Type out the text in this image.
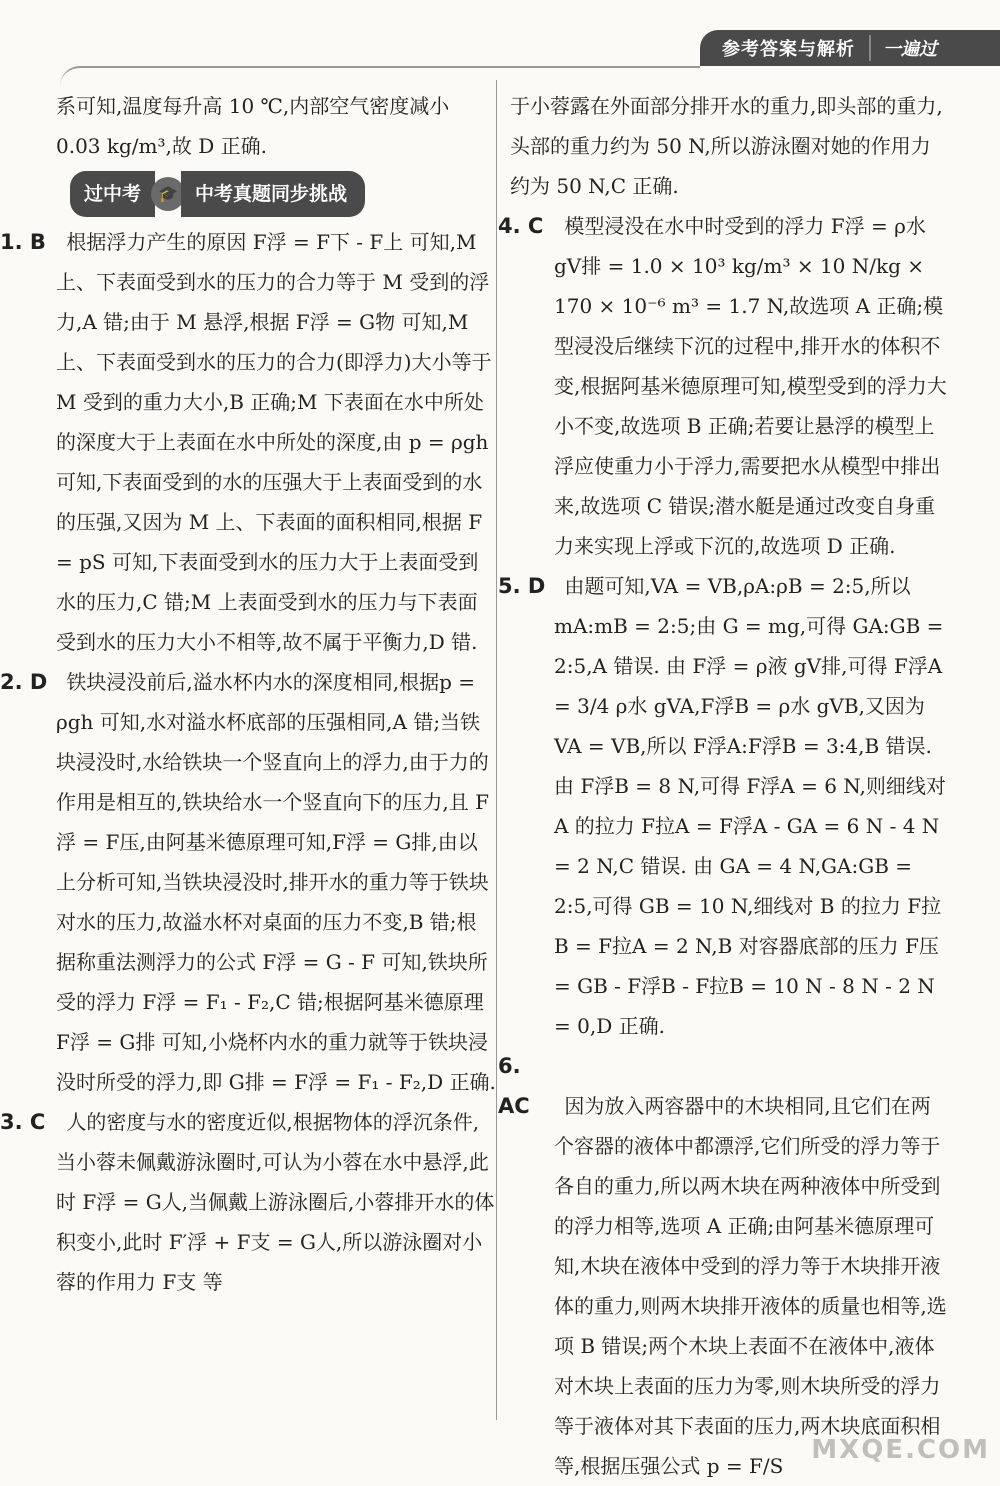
参考答案与解析	一遍过

系可知,温度每升高 10 ℃,内部空气密度减小 0.03 kg/m³,故 D 正确.

过中考	🎓 中考真题同步挑战
1. B 根据浮力产生的原因 F浮 = F下 - F上 可知,M 上、下表面受到水的压力的合力等于 M 受到的浮力,A 错;由于 M 悬浮,根据 F浮 = G物 可知,M 上、下表面受到水的压力的合力(即浮力)大小等于 M 受到的重力大小,B 正确;M 下表面在水中所处的深度大于上表面在水中所处的深度,由 p = ρgh 可知,下表面受到的水的压强大于上表面受到的水的压强,又因为 M 上、下表面的面积相同,根据 F = pS 可知,下表面受到水的压力大于上表面受到水的压力,C 错;M 上表面受到水的压力与下表面受到水的压力大小不相等,故不属于平衡力,D 错.
2. D 铁块浸没前后,溢水杯内水的深度相同,根据p = ρgh 可知,水对溢水杯底部的压强相同,A 错;当铁块浸没时,水给铁块一个竖直向上的浮力,由于力的作用是相互的,铁块给水一个竖直向下的压力,且 F浮 = F压,由阿基米德原理可知,F浮 = G排,由以上分析可知,当铁块浸没时,排开水的重力等于铁块对水的压力,故溢水杯对桌面的压力不变,B 错;根据称重法测浮力的公式 F浮 = G - F 可知,铁块所受的浮力 F浮 = F₁ - F₂,C 错;根据阿基米德原理F浮 = G排 可知,小烧杯内水的重力就等于铁块浸没时所受的浮力,即 G排 = F浮 = F₁ - F₂,D 正确.
3. C 人的密度与水的密度近似,根据物体的浮沉条件,当小蓉未佩戴游泳圈时,可认为小蓉在水中悬浮,此时 F浮 = G人,当佩戴上游泳圈后,小蓉排开水的体积变小,此时 F′浮 + F支 = G人,所以游泳圈对小蓉的作用力 F支 等

于小蓉露在外面部分排开水的重力,即头部的重力,头部的重力约为 50 N,所以游泳圈对她的作用力约为 50 N,C 正确.

4. C 模型浸没在水中时受到的浮力 F浮 = ρ水gV排 = 1.0 × 10³ kg/m³ × 10 N/kg × 170 × 10⁻⁶ m³ = 1.7 N,故选项 A 正确;模型浸没后继续下沉的过程中,排开水的体积不变,根据阿基米德原理可知,模型受到的浮力大小不变,故选项 B 正确;若要让悬浮的模型上浮应使重力小于浮力,需要把水从模型中排出来,故选项 C 错误;潜水艇是通过改变自身重力来实现上浮或下沉的,故选项 D 正确.
5. D 由题可知,VA = VB,ρA:ρB = 2:5,所以 mA:mB = 2:5;由 G = mg,可得 GA:GB = 2:5,A 错误. 由 F浮 = ρ液 gV排,可得 F浮A = 3/4 ρ水 gVA,F浮B = ρ水 gVB,又因为 VA = VB,所以 F浮A:F浮B = 3:4,B 错误. 由 F浮B = 8 N,可得 F浮A = 6 N,则细线对 A 的拉力 F拉A = F浮A - GA = 6 N - 4 N = 2 N,C 错误. 由 GA = 4 N,GA:GB = 2:5,可得 GB = 10 N,细线对 B 的拉力 F拉B = F拉A = 2 N,B 对容器底部的压力 F压 = GB - F浮B - F拉B = 10 N - 8 N - 2 N = 0,D 正确.
6. AC 因为放入两容器中的木块相同,且它们在两个容器的液体中都漂浮,它们所受的浮力等于各自的重力,所以两木块在两种液体中所受到的浮力相等,选项 A 正确;由阿基米德原理可知,木块在液体中受到的浮力等于木块排开液体的重力,则两木块排开液体的质量也相等,选项 B 错误;两个木块上表面不在液体中,液体对木块上表面的压力为零,则木块所受的浮力等于液体对其下表面的压力,两木块底面积相等,根据压强公式 p = F/S
MXQE.COM
